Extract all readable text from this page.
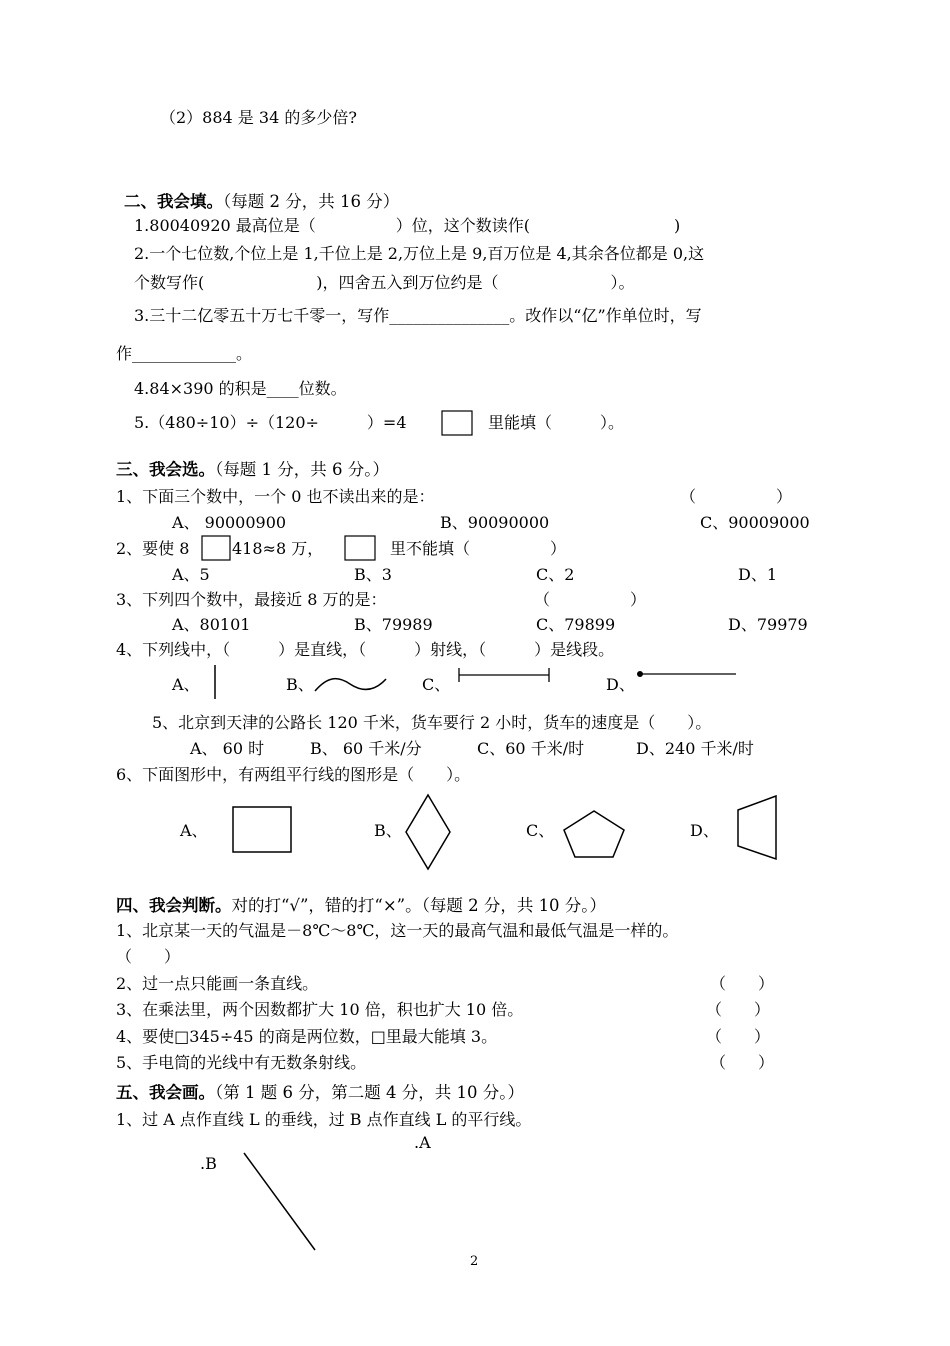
（2）884 是 34 的多少倍?
二、我会填。（每题 2 分，共 16 分）
1.80040920 最高位是（　　　　　）位，这个数读作(　　　　　　　　　)
2.一个七位数,个位上是 1,千位上是 2,万位上是 9,百万位是 4,其余各位都是 0,这
个数写作(　　　　　　　)，四舍五入到万位约是（　　　　　　　）。
3.三十二亿零五十万七千零一，写作_______________。改作以“亿”作单位时，写
作_____________。
4.84×390 的积是____位数。
5.（480÷10）÷（120÷　　　）=4	里能填（　　　）。
三、我会选。（每题 1 分，共 6 分。）
1、下面三个数中，一个 0 也不读出来的是：	（　　　　　）
A、 90000900	B、90090000	C、90009000
2、要使 8	418≈8 万，	里不能填（　　　　　）
A、5	B、3	C、2	D、1
3、下列四个数中，最接近 8 万的是：	（　　　　　）
A、80101	B、79989	C、79899	D、79979
4、下列线中，（　　　）是直线，（　　　）射线，（　　　）是线段。
A、	B、	C、	D、
5、北京到天津的公路长 120 千米，货车要行 2 小时，货车的速度是（　　）。
A、 60 时	B、 60 千米/分	C、60 千米/时	D、240 千米/时
6、下面图形中，有两组平行线的图形是（　　）。
A、	B、	C、	D、
四、我会判断。对的打“√”，错的打“×”。（每题 2 分，共 10 分。）
1、北京某一天的气温是－8℃～8℃，这一天的最高气温和最低气温是一样的。
（　　）
2、过一点只能画一条直线。	（　　）
3、在乘法里，两个因数都扩大 10 倍，积也扩大 10 倍。	（　　）
4、要使□345÷45 的商是两位数，□里最大能填 3。	（　　）
5、手电筒的光线中有无数条射线。	（　　）
五、我会画。（第 1 题 6 分，第二题 4 分，共 10 分。）
1、过 A 点作直线 L 的垂线，过 B 点作直线 L 的平行线。
.A
.B
2
